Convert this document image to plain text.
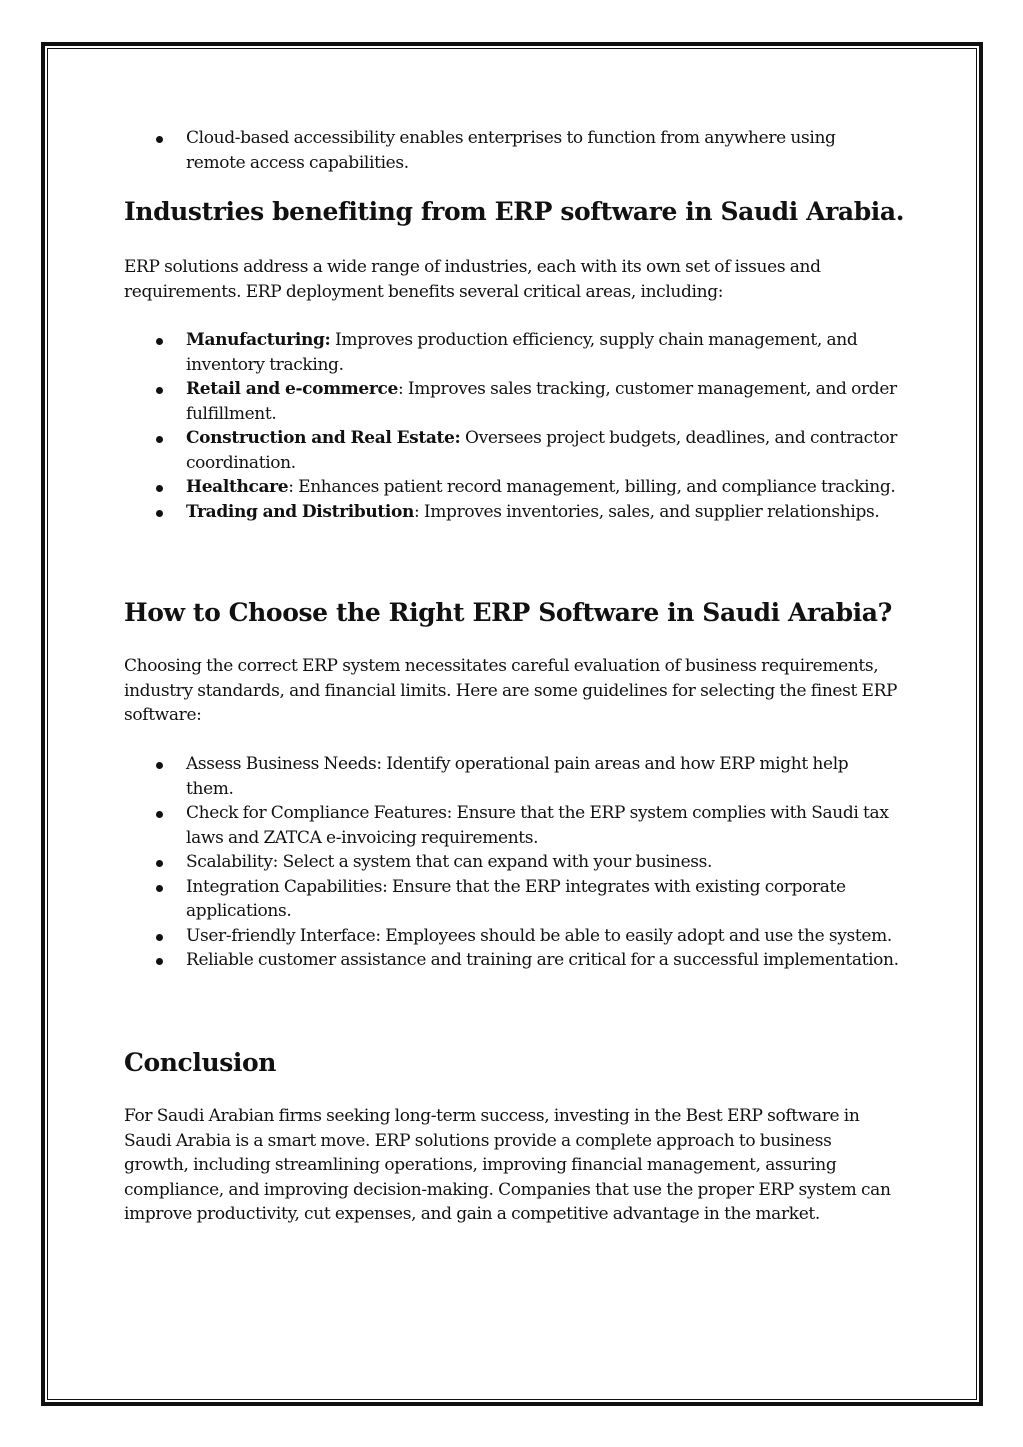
Cloud-based accessibility enables enterprises to function from anywhere using remote access capabilities.
Industries benefiting from ERP software in Saudi Arabia.

ERP solutions address a wide range of industries, each with its own set of issues and requirements. ERP deployment benefits several critical areas, including:

Manufacturing: Improves production efficiency, supply chain management, and inventory tracking.
Retail and e-commerce: Improves sales tracking, customer management, and order fulfillment.
Construction and Real Estate: Oversees project budgets, deadlines, and contractor coordination.
Healthcare: Enhances patient record management, billing, and compliance tracking.
Trading and Distribution: Improves inventories, sales, and supplier relationships.
How to Choose the Right ERP Software in Saudi Arabia?

Choosing the correct ERP system necessitates careful evaluation of business requirements, industry standards, and financial limits. Here are some guidelines for selecting the finest ERP software:

Assess Business Needs: Identify operational pain areas and how ERP might help them.
Check for Compliance Features: Ensure that the ERP system complies with Saudi tax laws and ZATCA e-invoicing requirements.
Scalability: Select a system that can expand with your business.
Integration Capabilities: Ensure that the ERP integrates with existing corporate applications.
User-friendly Interface: Employees should be able to easily adopt and use the system.
Reliable customer assistance and training are critical for a successful implementation.
Conclusion

For Saudi Arabian firms seeking long-term success, investing in the Best ERP software in Saudi Arabia is a smart move. ERP solutions provide a complete approach to business growth, including streamlining operations, improving financial management, assuring compliance, and improving decision-making. Companies that use the proper ERP system can improve productivity, cut expenses, and gain a competitive advantage in the market.
